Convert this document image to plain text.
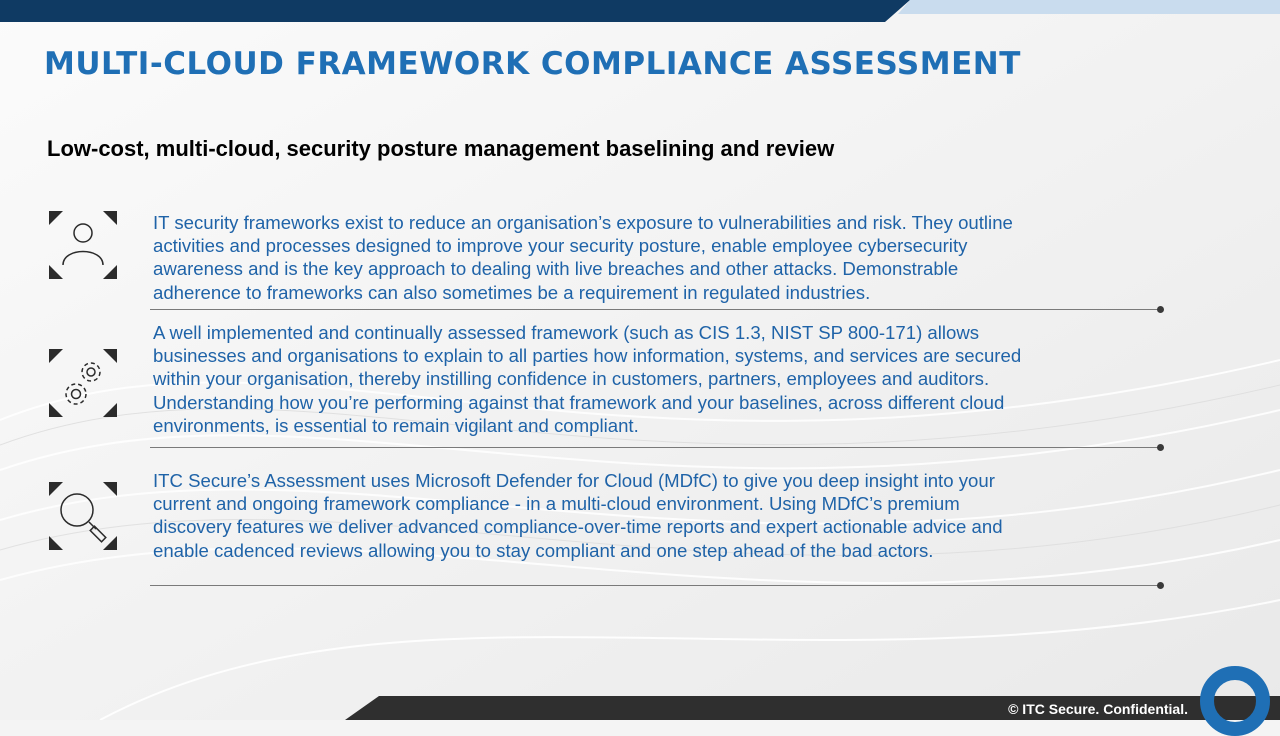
MULTI-CLOUD FRAMEWORK COMPLIANCE ASSESSMENT
Low-cost, multi-cloud, security posture management baselining and review
IT security frameworks exist to reduce an organisation’s exposure to vulnerabilities and risk. They outline
activities and processes designed to improve your security posture, enable employee cybersecurity
awareness and is the key approach to dealing with live breaches and other attacks. Demonstrable
adherence to frameworks can also sometimes be a requirement in regulated industries.
A well implemented and continually assessed framework (such as CIS 1.3, NIST SP 800-171) allows
businesses and organisations to explain to all parties how information, systems, and services are secured
within your organisation, thereby instilling confidence in customers, partners, employees and auditors.
Understanding how you’re performing against that framework and your baselines, across different cloud
environments, is essential to remain vigilant and compliant.
ITC Secure’s Assessment uses Microsoft Defender for Cloud (MDfC) to give you deep insight into your
current and ongoing framework compliance - in a multi-cloud environment. Using MDfC’s premium
discovery features we deliver advanced compliance-over-time reports and expert actionable advice and
enable cadenced reviews allowing you to stay compliant and one step ahead of the bad actors.

© ITC Secure. Confidential.
